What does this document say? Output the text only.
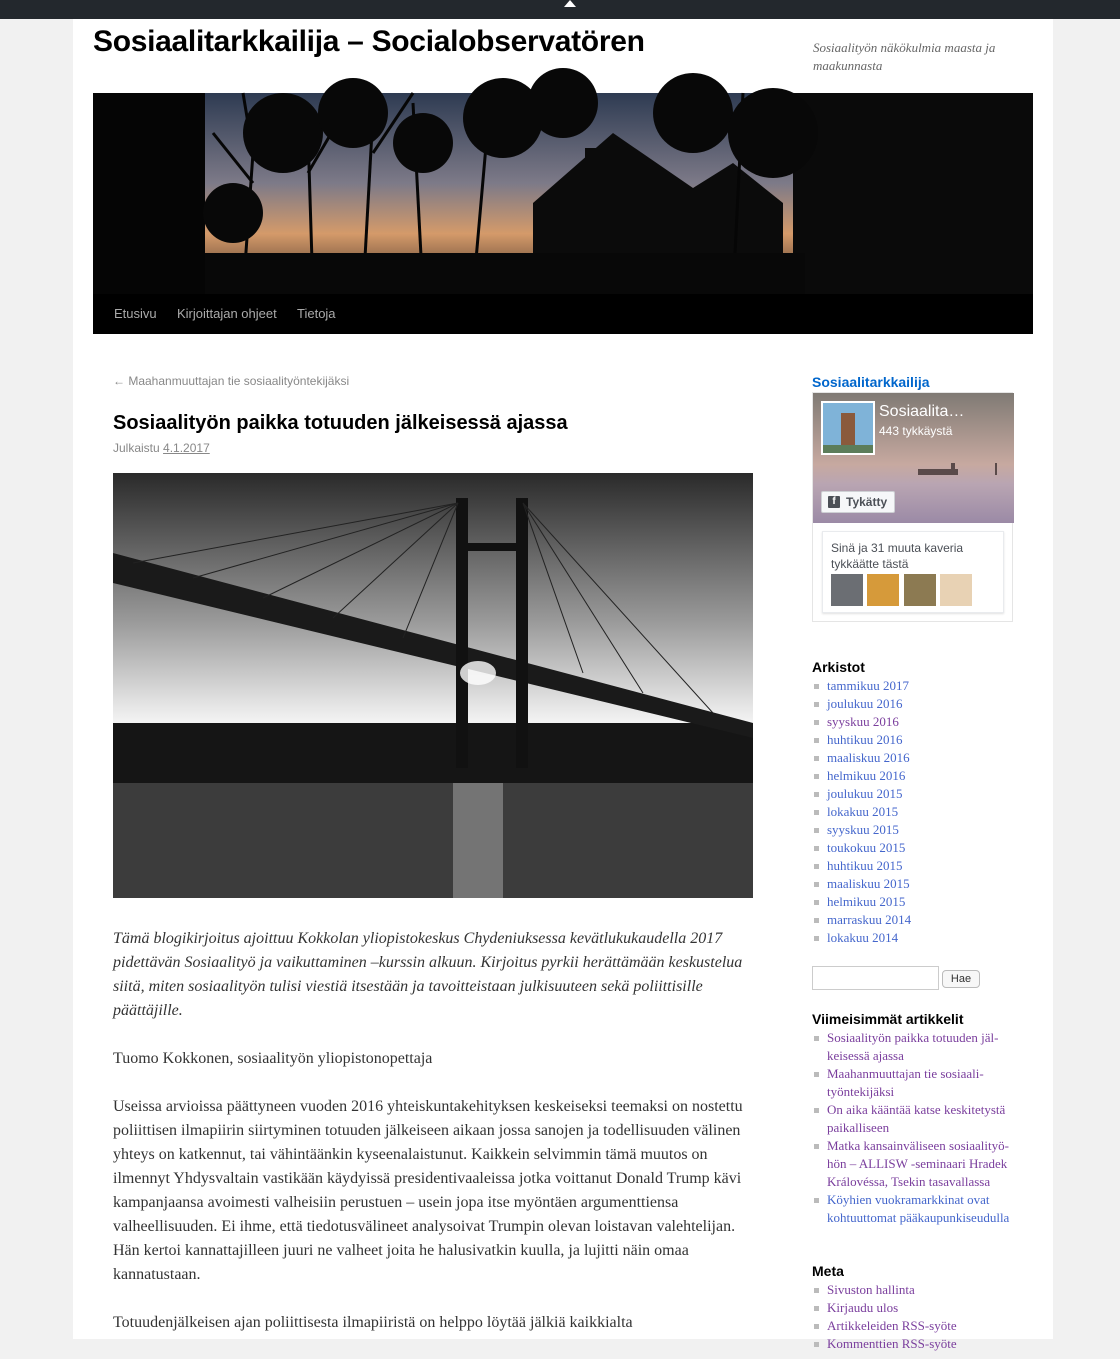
Sosiaalitarkkailija – Socialobservatören	Sosiaalityön näkökulmia maasta ja maakunnasta
Etusivu Kirjoittajan ohjeet Tietoja
← Maahanmuuttajan tie sosiaalityöntekijäksi
Sosiaalityön paikka totuuden jälkeisessä ajassa
Julkaistu 4.1.2017

Tämä blogikirjoitus ajoittuu Kokkolan yliopistokeskus Chydeniuksessa kevätlukukaudella 2017 pidettävän Sosiaalityö ja vaikuttaminen –kurssin alkuun. Kirjoitus pyrkii herättämään keskustelua siitä, miten sosiaalityön tulisi viestiä itsestään ja tavoitteistaan julkisuuteen sekä poliittisille päättäjille.

Tuomo Kokkonen, sosiaalityön yliopistonopettaja

Useissa arvioissa päättyneen vuoden 2016 yhteiskuntakehityksen keskeiseksi teemaksi on nostettu poliittisen ilmapiirin siirtyminen totuuden jälkeiseen aikaan jossa sanojen ja todellisuuden välinen yhteys on katkennut, tai vähintäänkin kyseenalaistunut. Kaikkein selvimmin tämä muutos on ilmennyt Yhdysvaltain vastikään käydyissä presidentivaaleissa jotka voittanut Donald Trump kävi kampanjaansa avoimesti valheisiin perustuen – usein jopa itse myöntäen argumenttiensa valheellisuuden. Ei ihme, että tiedotusvälineet analysoivat Trumpin olevan loistavan valehtelijan. Hän kertoi kannattajilleen juuri ne valheet joita he halusivatkin kuulla, ja lujitti näin omaa kannatustaan.

Totuudenjälkeisen ajan poliittisesta ilmapiiristä on helppo löytää jälkiä kaikkialta

Sosiaalitarkkailija
Sosiaalita…
443 tykkäystä
f Tykätty
Sinä ja 31 muuta kaveria tykkäätte tästä

Arkistot
tammikuu 2017
joulukuu 2016
syyskuu 2016
huhtikuu 2016
maaliskuu 2016
helmikuu 2016
joulukuu 2015
lokakuu 2015
syyskuu 2015
toukokuu 2015
huhtikuu 2015
maaliskuu 2015
helmikuu 2015
marraskuu 2014
lokakuu 2014
Hae
Viimeisimmät artikkelit
Sosiaalityön paikka totuuden jälkeisessä ajassa
Maahanmuuttajan tie sosiaalityöntekijäksi
On aika kääntää katse keskitetystä paikalliseen
Matka kansainväliseen sosiaalityöhön – ALLISW -seminaari Hradek Královéssa, Tsekin tasavallassa
Köyhien vuokramarkkinat ovat kohtuuttomat pääkaupunkiseudulla
Meta
Sivuston hallinta
Kirjaudu ulos
Artikkeleiden RSS-syöte
Kommenttien RSS-syöte
